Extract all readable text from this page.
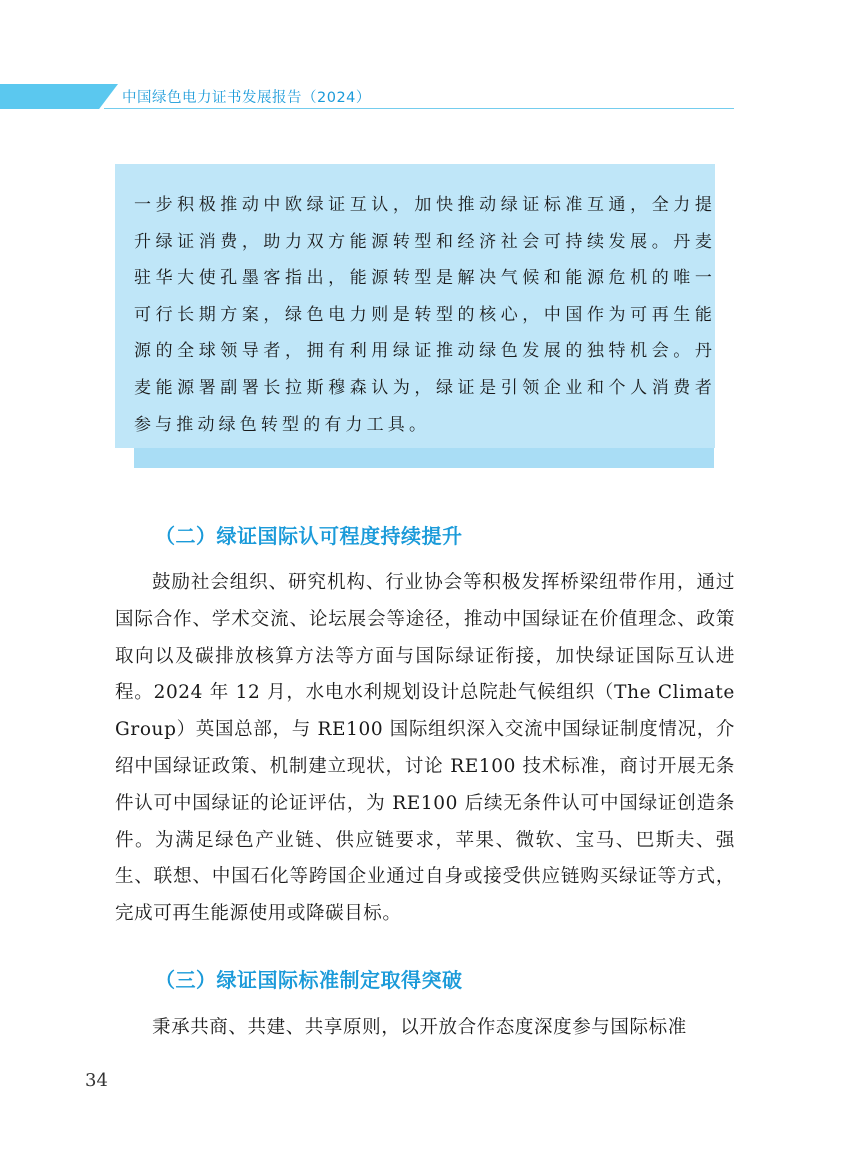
中国绿色电力证书发展报告（2024）
一步积极推动中欧绿证互认，加快推动绿证标准互通，全力提升绿证消费，助力双方能源转型和经济社会可持续发展。丹麦驻华大使孔墨客指出，能源转型是解决气候和能源危机的唯一可行长期方案，绿色电力则是转型的核心，中国作为可再生能源的全球领导者，拥有利用绿证推动绿色发展的独特机会。丹麦能源署副署长拉斯穆森认为，绿证是引领企业和个人消费者参与推动绿色转型的有力工具。
（二）绿证国际认可程度持续提升
鼓励社会组织、研究机构、行业协会等积极发挥桥梁纽带作用，通过国际合作、学术交流、论坛展会等途径，推动中国绿证在价值理念、政策取向以及碳排放核算方法等方面与国际绿证衔接，加快绿证国际互认进程。2024 年 12 月，水电水利规划设计总院赴气候组织（The Climate Group）英国总部，与 RE100 国际组织深入交流中国绿证制度情况，介绍中国绿证政策、机制建立现状，讨论 RE100 技术标准，商讨开展无条件认可中国绿证的论证评估，为 RE100 后续无条件认可中国绿证创造条件。为满足绿色产业链、供应链要求，苹果、微软、宝马、巴斯夫、强生、联想、中国石化等跨国企业通过自身或接受供应链购买绿证等方式，完成可再生能源使用或降碳目标。
（三）绿证国际标准制定取得突破
秉承共商、共建、共享原则，以开放合作态度深度参与国际标准
34
